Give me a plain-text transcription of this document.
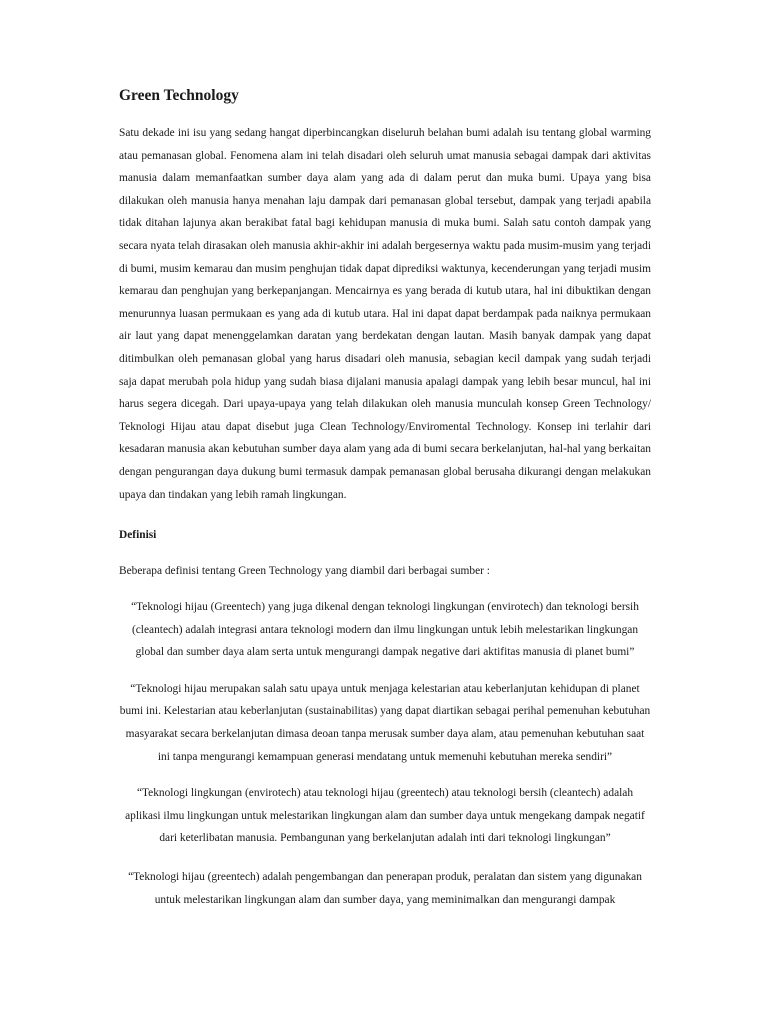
Green Technology

Satu dekade ini isu yang sedang hangat diperbincangkan diseluruh belahan bumi adalah isu tentang global warming atau pemanasan global. Fenomena alam ini telah disadari oleh seluruh umat manusia sebagai dampak dari aktivitas manusia dalam memanfaatkan sumber daya alam yang ada di dalam perut dan muka bumi. Upaya yang bisa dilakukan oleh manusia hanya menahan laju dampak dari pemanasan global tersebut, dampak yang terjadi apabila tidak ditahan lajunya akan berakibat fatal bagi kehidupan manusia di muka bumi. Salah satu contoh dampak yang secara nyata telah dirasakan oleh manusia akhir-akhir ini adalah bergesernya waktu pada musim-musim yang terjadi di bumi, musim kemarau dan musim penghujan tidak dapat diprediksi waktunya, kecenderungan yang terjadi musim kemarau dan penghujan yang berkepanjangan. Mencairnya es yang berada di kutub utara, hal ini dibuktikan dengan menurunnya luasan permukaan es yang ada di kutub utara. Hal ini dapat dapat berdampak pada naiknya permukaan air laut yang dapat menenggelamkan daratan yang berdekatan dengan lautan. Masih banyak dampak yang dapat ditimbulkan oleh pemanasan global yang harus disadari oleh manusia, sebagian kecil dampak yang sudah terjadi saja dapat merubah pola hidup yang sudah biasa dijalani manusia apalagi dampak yang lebih besar muncul, hal ini harus segera dicegah. Dari upaya-upaya yang telah dilakukan oleh manusia munculah konsep Green Technology/ Teknologi Hijau atau dapat disebut juga Clean Technology/Enviromental Technology. Konsep ini terlahir dari kesadaran manusia akan kebutuhan sumber daya alam yang ada di bumi secara berkelanjutan, hal-hal yang berkaitan dengan pengurangan daya dukung bumi termasuk dampak pemanasan global berusaha dikurangi dengan melakukan upaya dan tindakan yang lebih ramah lingkungan.

Definisi

Beberapa definisi tentang Green Technology yang diambil dari berbagai sumber :

“Teknologi hijau (Greentech) yang juga dikenal dengan teknologi lingkungan (envirotech) dan teknologi bersih (cleantech) adalah integrasi antara teknologi modern dan ilmu lingkungan untuk lebih melestarikan lingkungan global dan sumber daya alam serta untuk mengurangi dampak negative dari aktifitas manusia di planet bumi”

“Teknologi hijau merupakan salah satu upaya untuk menjaga kelestarian atau keberlanjutan kehidupan di planet bumi ini. Kelestarian atau keberlanjutan (sustainabilitas) yang dapat diartikan sebagai perihal pemenuhan kebutuhan masyarakat secara berkelanjutan dimasa deoan tanpa merusak sumber daya alam, atau pemenuhan kebutuhan saat ini tanpa mengurangi kemampuan generasi mendatang untuk memenuhi kebutuhan mereka sendiri”

“Teknologi lingkungan (envirotech) atau teknologi hijau (greentech) atau teknologi bersih (cleantech) adalah aplikasi ilmu lingkungan untuk melestarikan lingkungan alam dan sumber daya untuk mengekang dampak negatif dari keterlibatan manusia. Pembangunan yang berkelanjutan adalah inti dari teknologi lingkungan”

“Teknologi hijau (greentech) adalah pengembangan dan penerapan produk, peralatan dan sistem yang digunakan untuk melestarikan lingkungan alam dan sumber daya, yang meminimalkan dan mengurangi dampak
